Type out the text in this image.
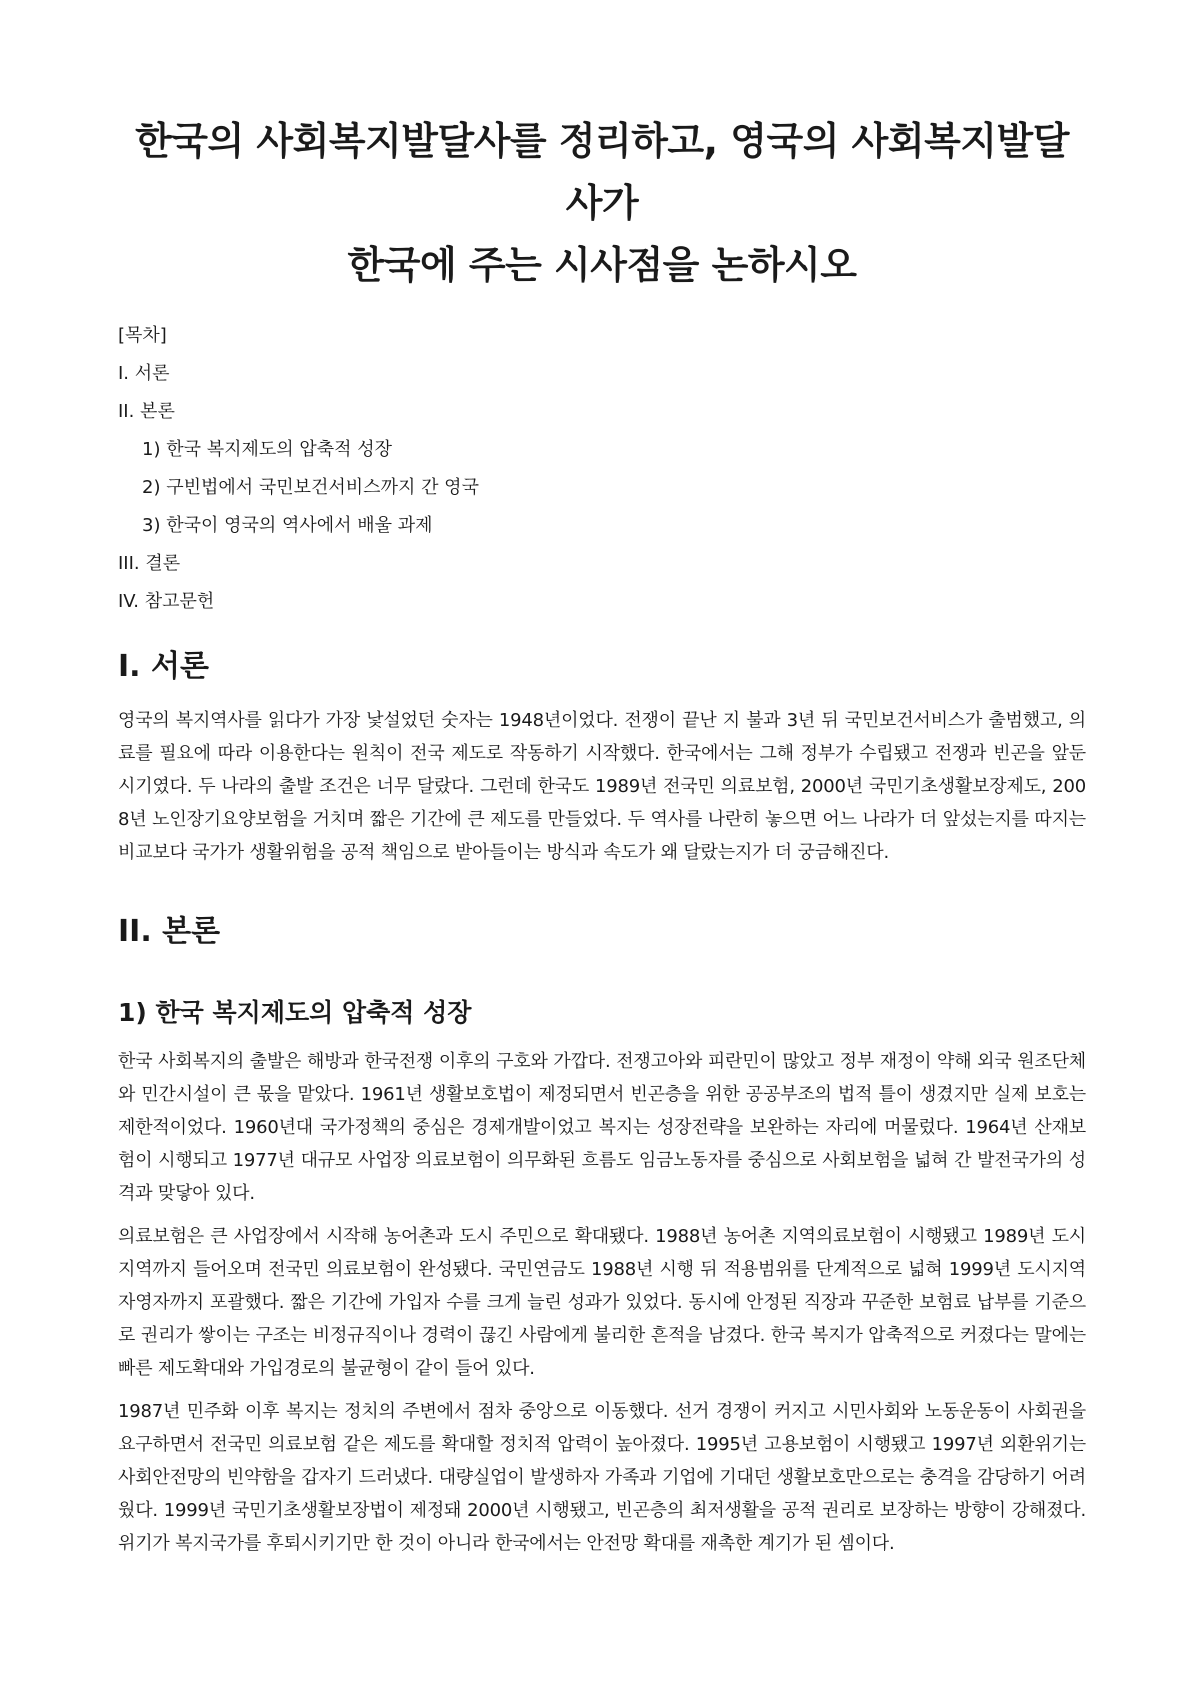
한국의 사회복지발달사를 정리하고, 영국의 사회복지발달사가
한국에 주는 시사점을 논하시오

[목차]

I. 서론

II. 본론

1) 한국 복지제도의 압축적 성장

2) 구빈법에서 국민보건서비스까지 간 영국

3) 한국이 영국의 역사에서 배울 과제

III. 결론

IV. 참고문헌

I. 서론

영국의 복지역사를 읽다가 가장 낯설었던 숫자는 1948년이었다. 전쟁이 끝난 지 불과 3년 뒤 국민보건서비스가 출범했고, 의료를 필요에 따라 이용한다는 원칙이 전국 제도로 작동하기 시작했다. 한국에서는 그해 정부가 수립됐고 전쟁과 빈곤을 앞둔 시기였다. 두 나라의 출발 조건은 너무 달랐다. 그런데 한국도 1989년 전국민 의료보험, 2000년 국민기초생활보장제도, 2008년 노인장기요양보험을 거치며 짧은 기간에 큰 제도를 만들었다. 두 역사를 나란히 놓으면 어느 나라가 더 앞섰는지를 따지는 비교보다 국가가 생활위험을 공적 책임으로 받아들이는 방식과 속도가 왜 달랐는지가 더 궁금해진다.

II. 본론
1) 한국 복지제도의 압축적 성장

한국 사회복지의 출발은 해방과 한국전쟁 이후의 구호와 가깝다. 전쟁고아와 피란민이 많았고 정부 재정이 약해 외국 원조단체와 민간시설이 큰 몫을 맡았다. 1961년 생활보호법이 제정되면서 빈곤층을 위한 공공부조의 법적 틀이 생겼지만 실제 보호는 제한적이었다. 1960년대 국가정책의 중심은 경제개발이었고 복지는 성장전략을 보완하는 자리에 머물렀다. 1964년 산재보험이 시행되고 1977년 대규모 사업장 의료보험이 의무화된 흐름도 임금노동자를 중심으로 사회보험을 넓혀 간 발전국가의 성격과 맞닿아 있다.

의료보험은 큰 사업장에서 시작해 농어촌과 도시 주민으로 확대됐다. 1988년 농어촌 지역의료보험이 시행됐고 1989년 도시지역까지 들어오며 전국민 의료보험이 완성됐다. 국민연금도 1988년 시행 뒤 적용범위를 단계적으로 넓혀 1999년 도시지역 자영자까지 포괄했다. 짧은 기간에 가입자 수를 크게 늘린 성과가 있었다. 동시에 안정된 직장과 꾸준한 보험료 납부를 기준으로 권리가 쌓이는 구조는 비정규직이나 경력이 끊긴 사람에게 불리한 흔적을 남겼다. 한국 복지가 압축적으로 커졌다는 말에는 빠른 제도확대와 가입경로의 불균형이 같이 들어 있다.

1987년 민주화 이후 복지는 정치의 주변에서 점차 중앙으로 이동했다. 선거 경쟁이 커지고 시민사회와 노동운동이 사회권을 요구하면서 전국민 의료보험 같은 제도를 확대할 정치적 압력이 높아졌다. 1995년 고용보험이 시행됐고 1997년 외환위기는 사회안전망의 빈약함을 갑자기 드러냈다. 대량실업이 발생하자 가족과 기업에 기대던 생활보호만으로는 충격을 감당하기 어려웠다. 1999년 국민기초생활보장법이 제정돼 2000년 시행됐고, 빈곤층의 최저생활을 공적 권리로 보장하는 방향이 강해졌다. 위기가 복지국가를 후퇴시키기만 한 것이 아니라 한국에서는 안전망 확대를 재촉한 계기가 된 셈이다.
